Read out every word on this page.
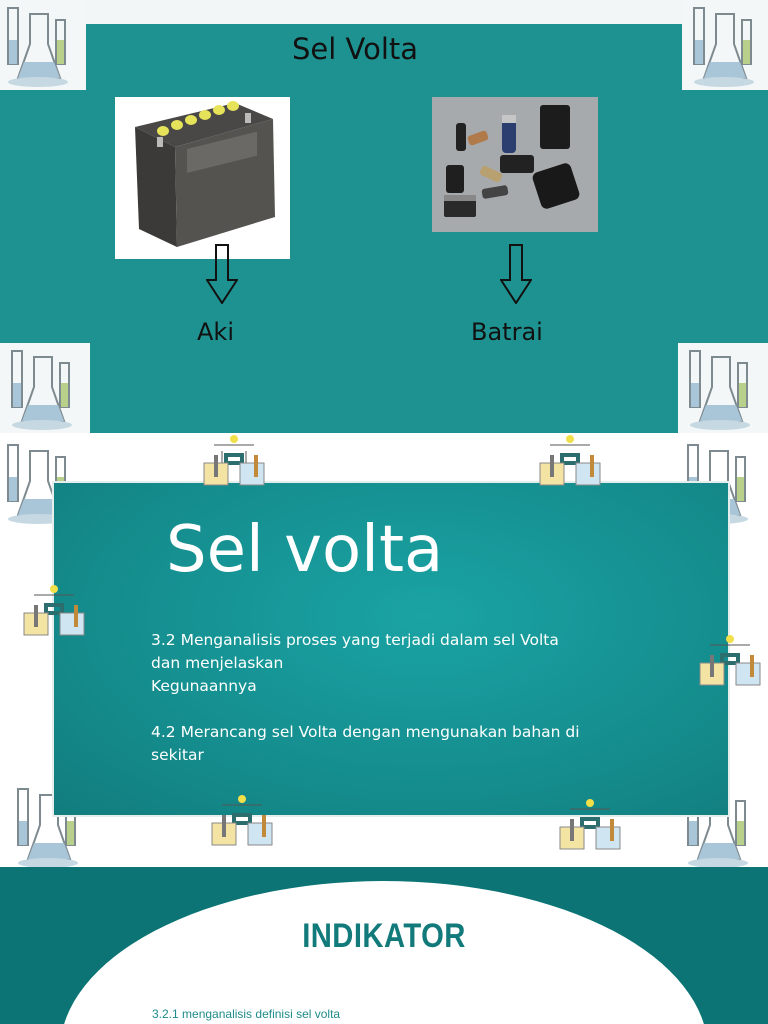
Sel Volta
Aki	Batrai
Sel volta

3.2 Menganalisis proses yang terjadi dalam sel Volta

dan menjelaskan

Kegunaannya

4.2 Merancang sel Volta dengan mengunakan bahan di

sekitar

INDIKATOR
3.2.1 menganalisis definisi sel volta
